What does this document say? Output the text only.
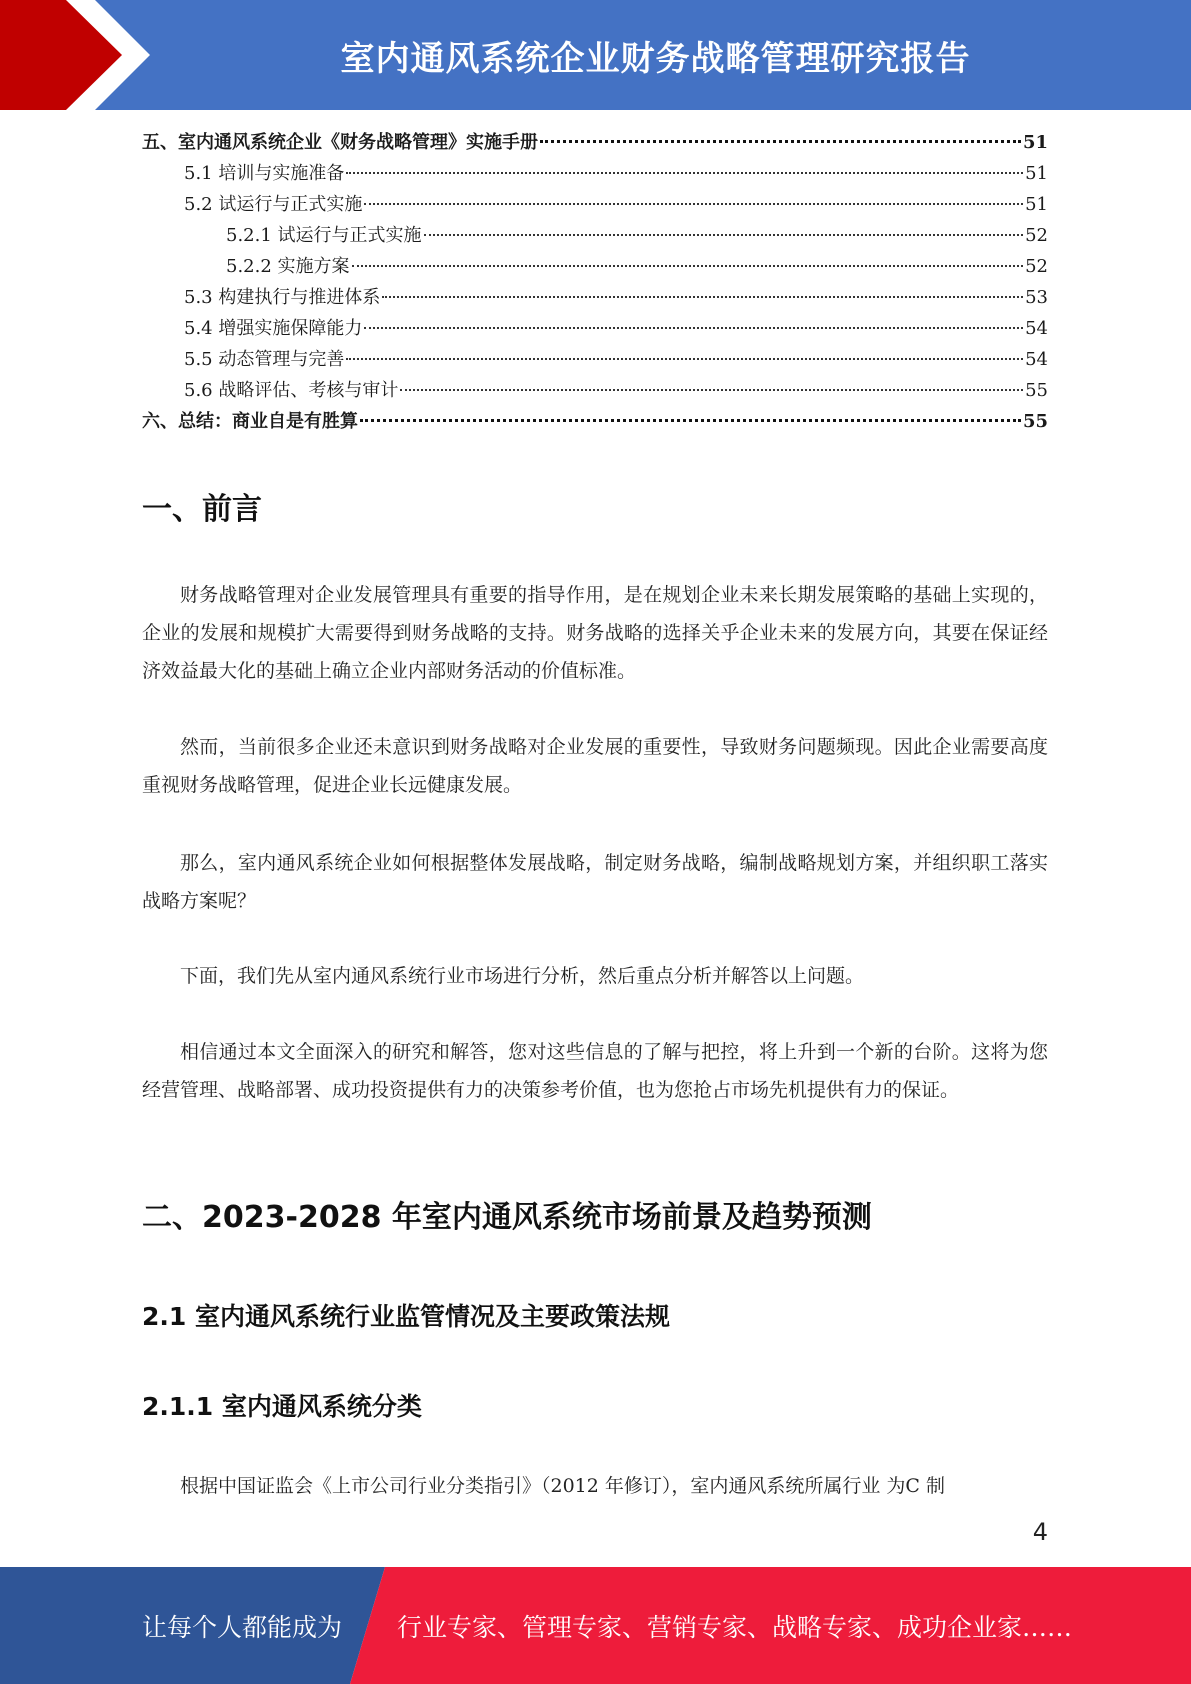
室内通风系统企业财务战略管理研究报告
五、室内通风系统企业《财务战略管理》实施手册	51
5.1 培训与实施准备	51
5.2 试运行与正式实施	51
5.2.1 试运行与正式实施	52
5.2.2 实施方案	52
5.3 构建执行与推进体系	53
5.4 增强实施保障能力	54
5.5 动态管理与完善	54
5.6 战略评估、考核与审计	55
六、总结：商业自是有胜算	55
一、前言
财务战略管理对企业发展管理具有重要的指导作用，是在规划企业未来长期发展策略的基础上实现的，企业的发展和规模扩大需要得到财务战略的支持。财务战略的选择关乎企业未来的发展方向，其要在保证经济效益最大化的基础上确立企业内部财务活动的价值标准。
然而，当前很多企业还未意识到财务战略对企业发展的重要性，导致财务问题频现。因此企业需要高度重视财务战略管理，促进企业长远健康发展。
那么，室内通风系统企业如何根据整体发展战略，制定财务战略，编制战略规划方案，并组织职工落实战略方案呢？
下面，我们先从室内通风系统行业市场进行分析，然后重点分析并解答以上问题。
相信通过本文全面深入的研究和解答，您对这些信息的了解与把控，将上升到一个新的台阶。这将为您经营管理、战略部署、成功投资提供有力的决策参考价值，也为您抢占市场先机提供有力的保证。
二、2023-2028 年室内通风系统市场前景及趋势预测
2.1 室内通风系统行业监管情况及主要政策法规
2.1.1 室内通风系统分类
根据中国证监会《上市公司行业分类指引》（2012 年修订），室内通风系统所属行业 为C 制
4
让每个人都能成为 行业专家、管理专家、营销专家、战略专家、成功企业家……
